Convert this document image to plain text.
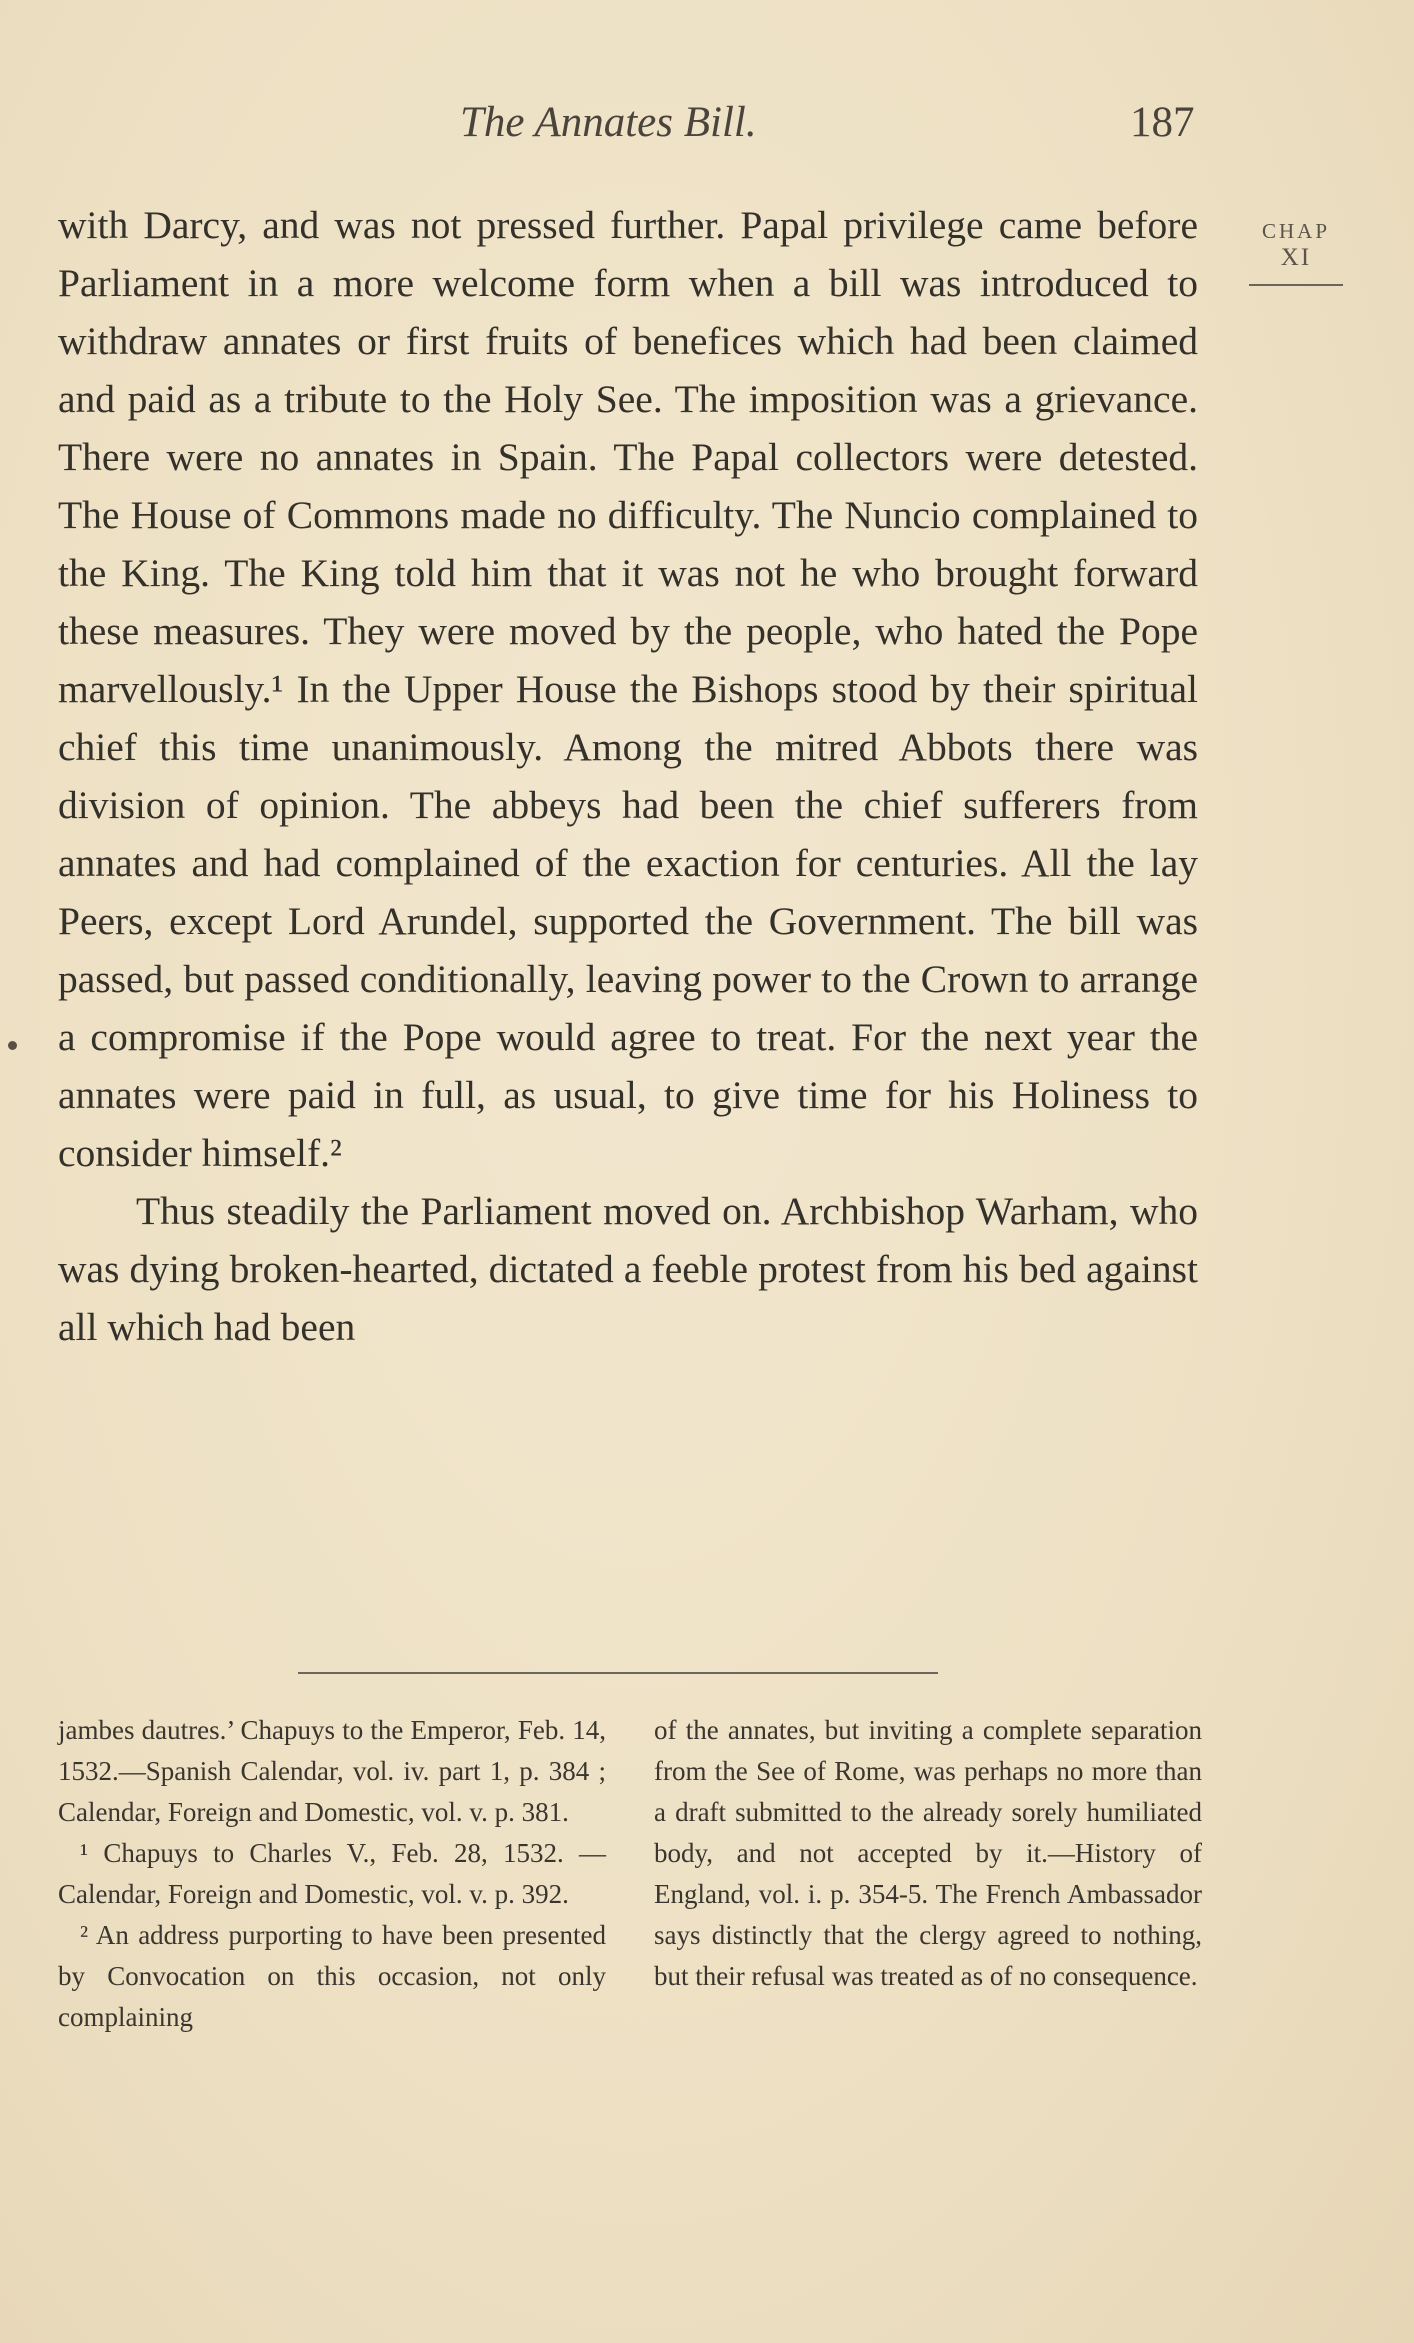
The Annates Bill.	187
CHAP
XI

with Darcy, and was not pressed further. Papal privilege came before Parliament in a more welcome form when a bill was introduced to withdraw annates or first fruits of benefices which had been claimed and paid as a tribute to the Holy See. The imposition was a grievance. There were no annates in Spain. The Papal collectors were detested. The House of Commons made no difficulty. The Nuncio complained to the King. The King told him that it was not he who brought forward these measures. They were moved by the people, who hated the Pope marvellously.¹ In the Upper House the Bishops stood by their spiritual chief this time unanimously. Among the mitred Abbots there was division of opinion. The abbeys had been the chief sufferers from annates and had complained of the exaction for centuries. All the lay Peers, except Lord Arundel, supported the Government. The bill was passed, but passed conditionally, leaving power to the Crown to arrange a compromise if the Pope would agree to treat. For the next year the annates were paid in full, as usual, to give time for his Holiness to consider himself.²

Thus steadily the Parliament moved on. Archbishop Warham, who was dying broken-hearted, dictated a feeble protest from his bed against all which had been

jambes dautres.’ Chapuys to the Emperor, Feb. 14, 1532.—Spanish Calendar, vol. iv. part 1, p. 384 ; Calendar, Foreign and Domestic, vol. v. p. 381.

¹ Chapuys to Charles V., Feb. 28, 1532. — Calendar, Foreign and Domestic, vol. v. p. 392.

² An address purporting to have been presented by Convocation on this occasion, not only complaining

of the annates, but inviting a complete separation from the See of Rome, was perhaps no more than a draft submitted to the already sorely humiliated body, and not accepted by it.—History of England, vol. i. p. 354-5. The French Ambassador says distinctly that the clergy agreed to nothing, but their refusal was treated as of no consequence.
